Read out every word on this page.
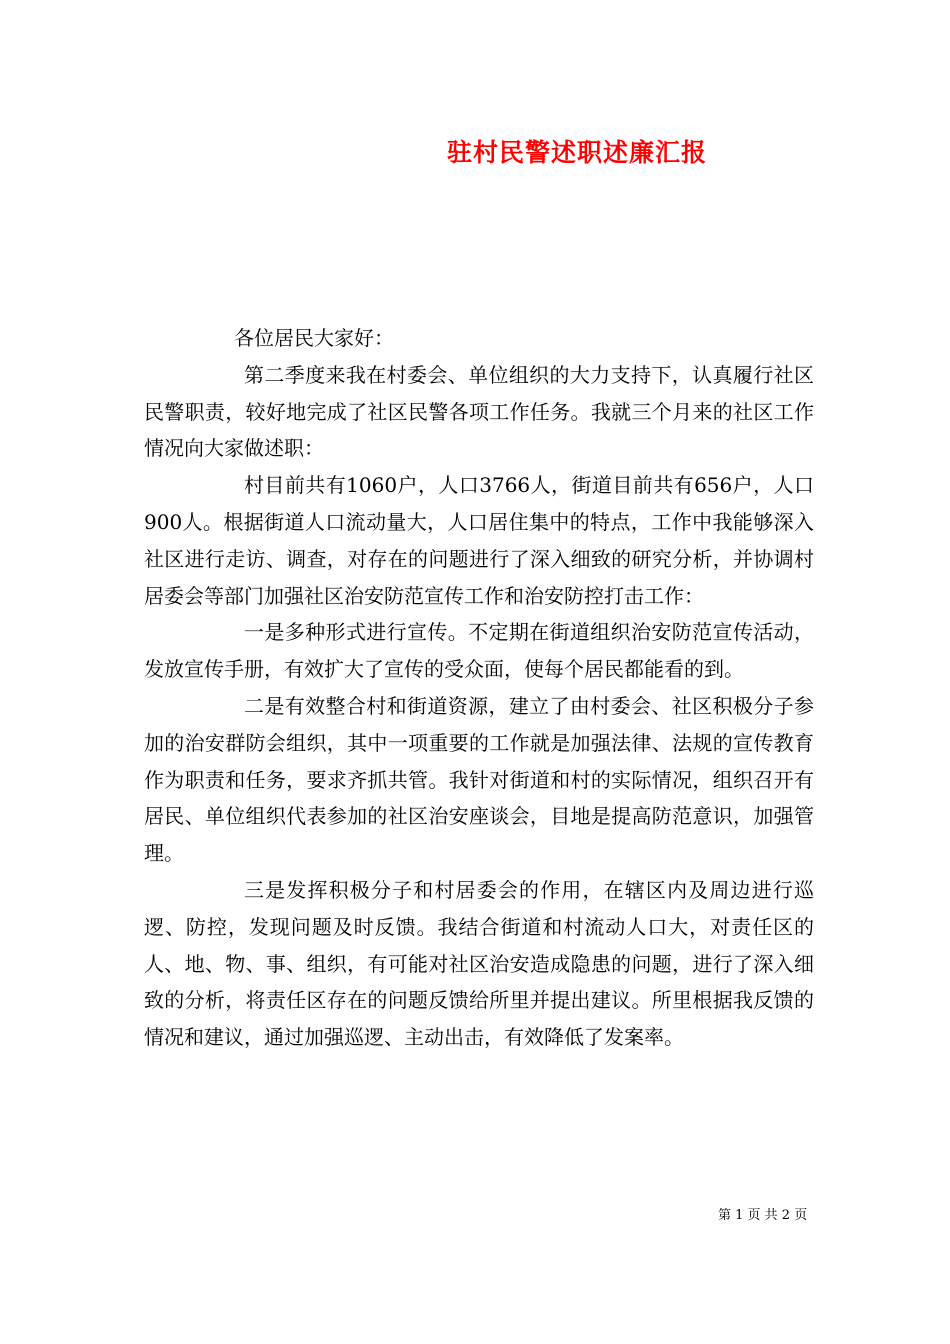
驻村民警述职述廉汇报

各位居民大家好：

第二季度来我在村委会、单位组织的大力支持下，认真履行社区民警职责，较好地完成了社区民警各项工作任务。我就三个月来的社区工作情况向大家做述职：

村目前共有1060户，人口3766人，街道目前共有656户，人口900人。根据街道人口流动量大，人口居住集中的特点，工作中我能够深入社区进行走访、调查，对存在的问题进行了深入细致的研究分析，并协调村居委会等部门加强社区治安防范宣传工作和治安防控打击工作：

一是多种形式进行宣传。不定期在街道组织治安防范宣传活动，发放宣传手册，有效扩大了宣传的受众面，使每个居民都能看的到。

二是有效整合村和街道资源，建立了由村委会、社区积极分子参加的治安群防会组织，其中一项重要的工作就是加强法律、法规的宣传教育作为职责和任务，要求齐抓共管。我针对街道和村的实际情况，组织召开有居民、单位组织代表参加的社区治安座谈会，目地是提高防范意识，加强管理。

三是发挥积极分子和村居委会的作用，在辖区内及周边进行巡逻、防控，发现问题及时反馈。我结合街道和村流动人口大，对责任区的人、地、物、事、组织，有可能对社区治安造成隐患的问题，进行了深入细致的分析，将责任区存在的问题反馈给所里并提出建议。所里根据我反馈的情况和建议，通过加强巡逻、主动出击，有效降低了发案率。

第 1 页 共 2 页
